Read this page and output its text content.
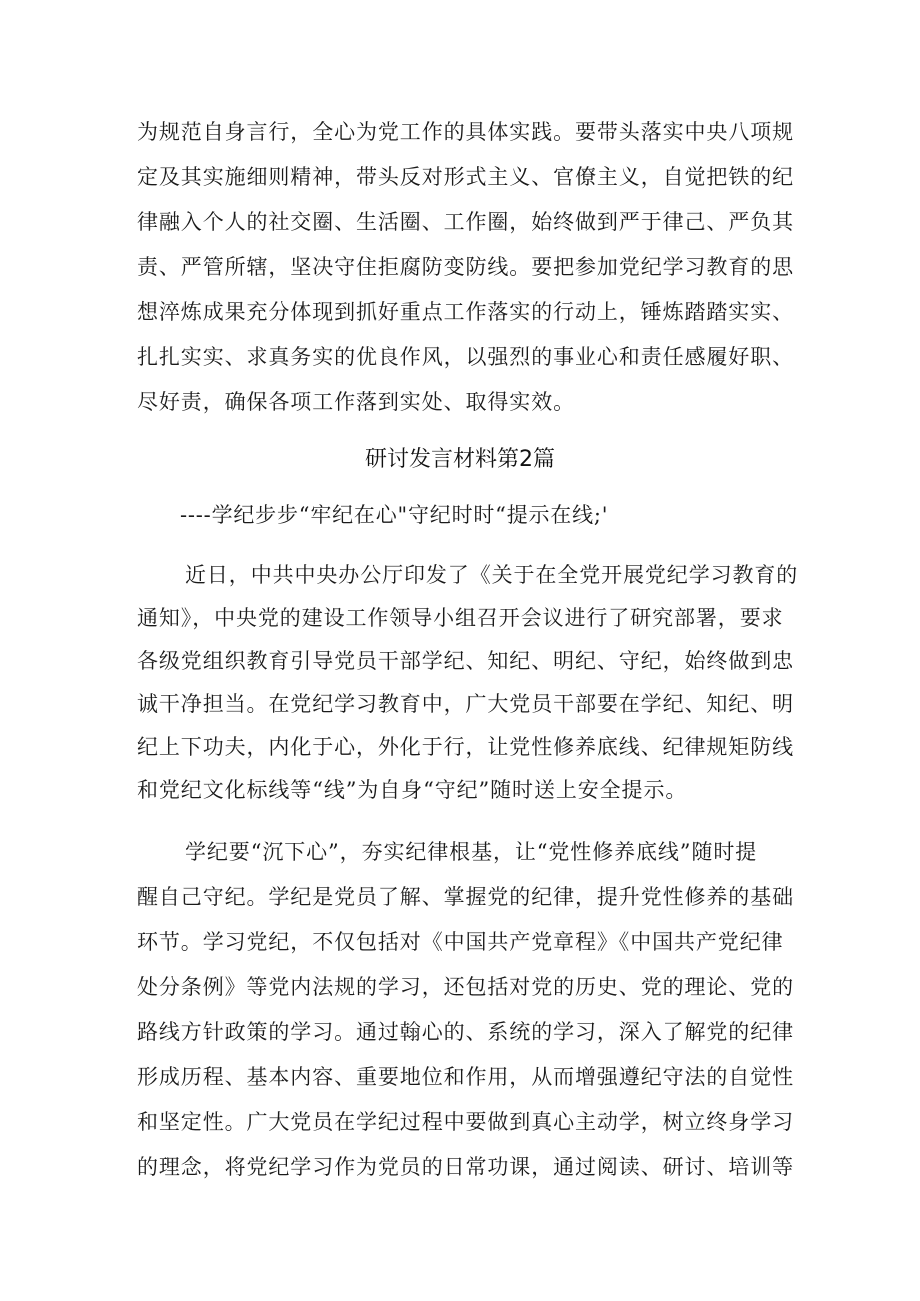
为规范自身言行，全心为党工作的具体实践。要带头落实中央八项规
定及其实施细则精神，带头反对形式主义、官僚主义，自觉把铁的纪
律融入个人的社交圈、生活圈、工作圈，始终做到严于律己、严负其
责、严管所辖，坚决守住拒腐防变防线。要把参加党纪学习教育的思
想淬炼成果充分体现到抓好重点工作落实的行动上，锤炼踏踏实实、
扎扎实实、求真务实的优良作风，以强烈的事业心和责任感履好职、
尽好责，确保各项工作落到实处、取得实效。
研讨发言材料第2篇
----学纪步步“牢纪在心"守纪时时“提示在线;'
近日，中共中央办公厅印发了《关于在全党开展党纪学习教育的
通知》，中央党的建设工作领导小组召开会议进行了研究部署，要求
各级党组织教育引导党员干部学纪、知纪、明纪、守纪，始终做到忠
诚干净担当。在党纪学习教育中，广大党员干部要在学纪、知纪、明
纪上下功夫，内化于心，外化于行，让党性修养底线、纪律规矩防线
和党纪文化标线等“线”为自身“守纪”随时送上安全提示。
学纪要“沉下心”，夯实纪律根基，让“党性修养底线”随时提
醒自己守纪。学纪是党员了解、掌握党的纪律，提升党性修养的基础
环节。学习党纪，不仅包括对《中国共产党章程》《中国共产党纪律
处分条例》等党内法规的学习，还包括对党的历史、党的理论、党的
路线方针政策的学习。通过翰心的、系统的学习，深入了解党的纪律
形成历程、基本内容、重要地位和作用，从而增强遵纪守法的自觉性
和坚定性。广大党员在学纪过程中要做到真心主动学，树立终身学习
的理念，将党纪学习作为党员的日常功课，通过阅读、研讨、培训等
